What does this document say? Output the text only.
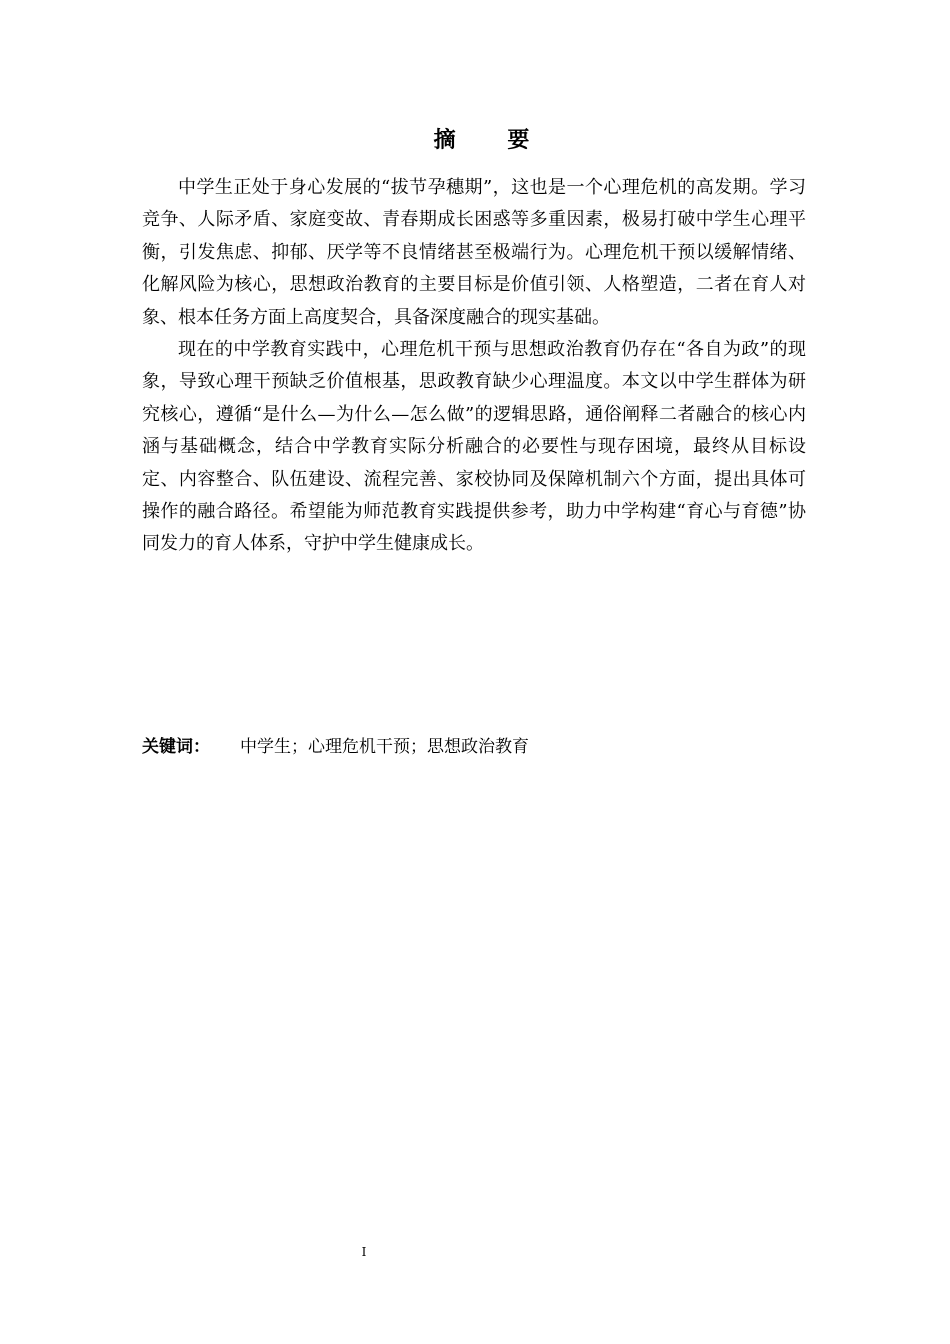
摘 要

中学生正处于身心发展的“拔节孕穗期”，这也是一个心理危机的高发期。学习竞争、人际矛盾、家庭变故、青春期成长困惑等多重因素，极易打破中学生心理平衡，引发焦虑、抑郁、厌学等不良情绪甚至极端行为。心理危机干预以缓解情绪、化解风险为核心，思想政治教育的主要目标是价值引领、人格塑造，二者在育人对象、根本任务方面上高度契合，具备深度融合的现实基础。

现在的中学教育实践中，心理危机干预与思想政治教育仍存在“各自为政”的现象，导致心理干预缺乏价值根基，思政教育缺少心理温度。本文以中学生群体为研究核心，遵循“是什么—为什么—怎么做”的逻辑思路，通俗阐释二者融合的核心内涵与基础概念，结合中学教育实际分析融合的必要性与现存困境，最终从目标设定、内容整合、队伍建设、流程完善、家校协同及保障机制六个方面，提出具体可操作的融合路径。希望能为师范教育实践提供参考，助力中学构建“育心与育德”协同发力的育人体系，守护中学生健康成长。

关键词： 中学生；心理危机干预；思想政治教育
I
